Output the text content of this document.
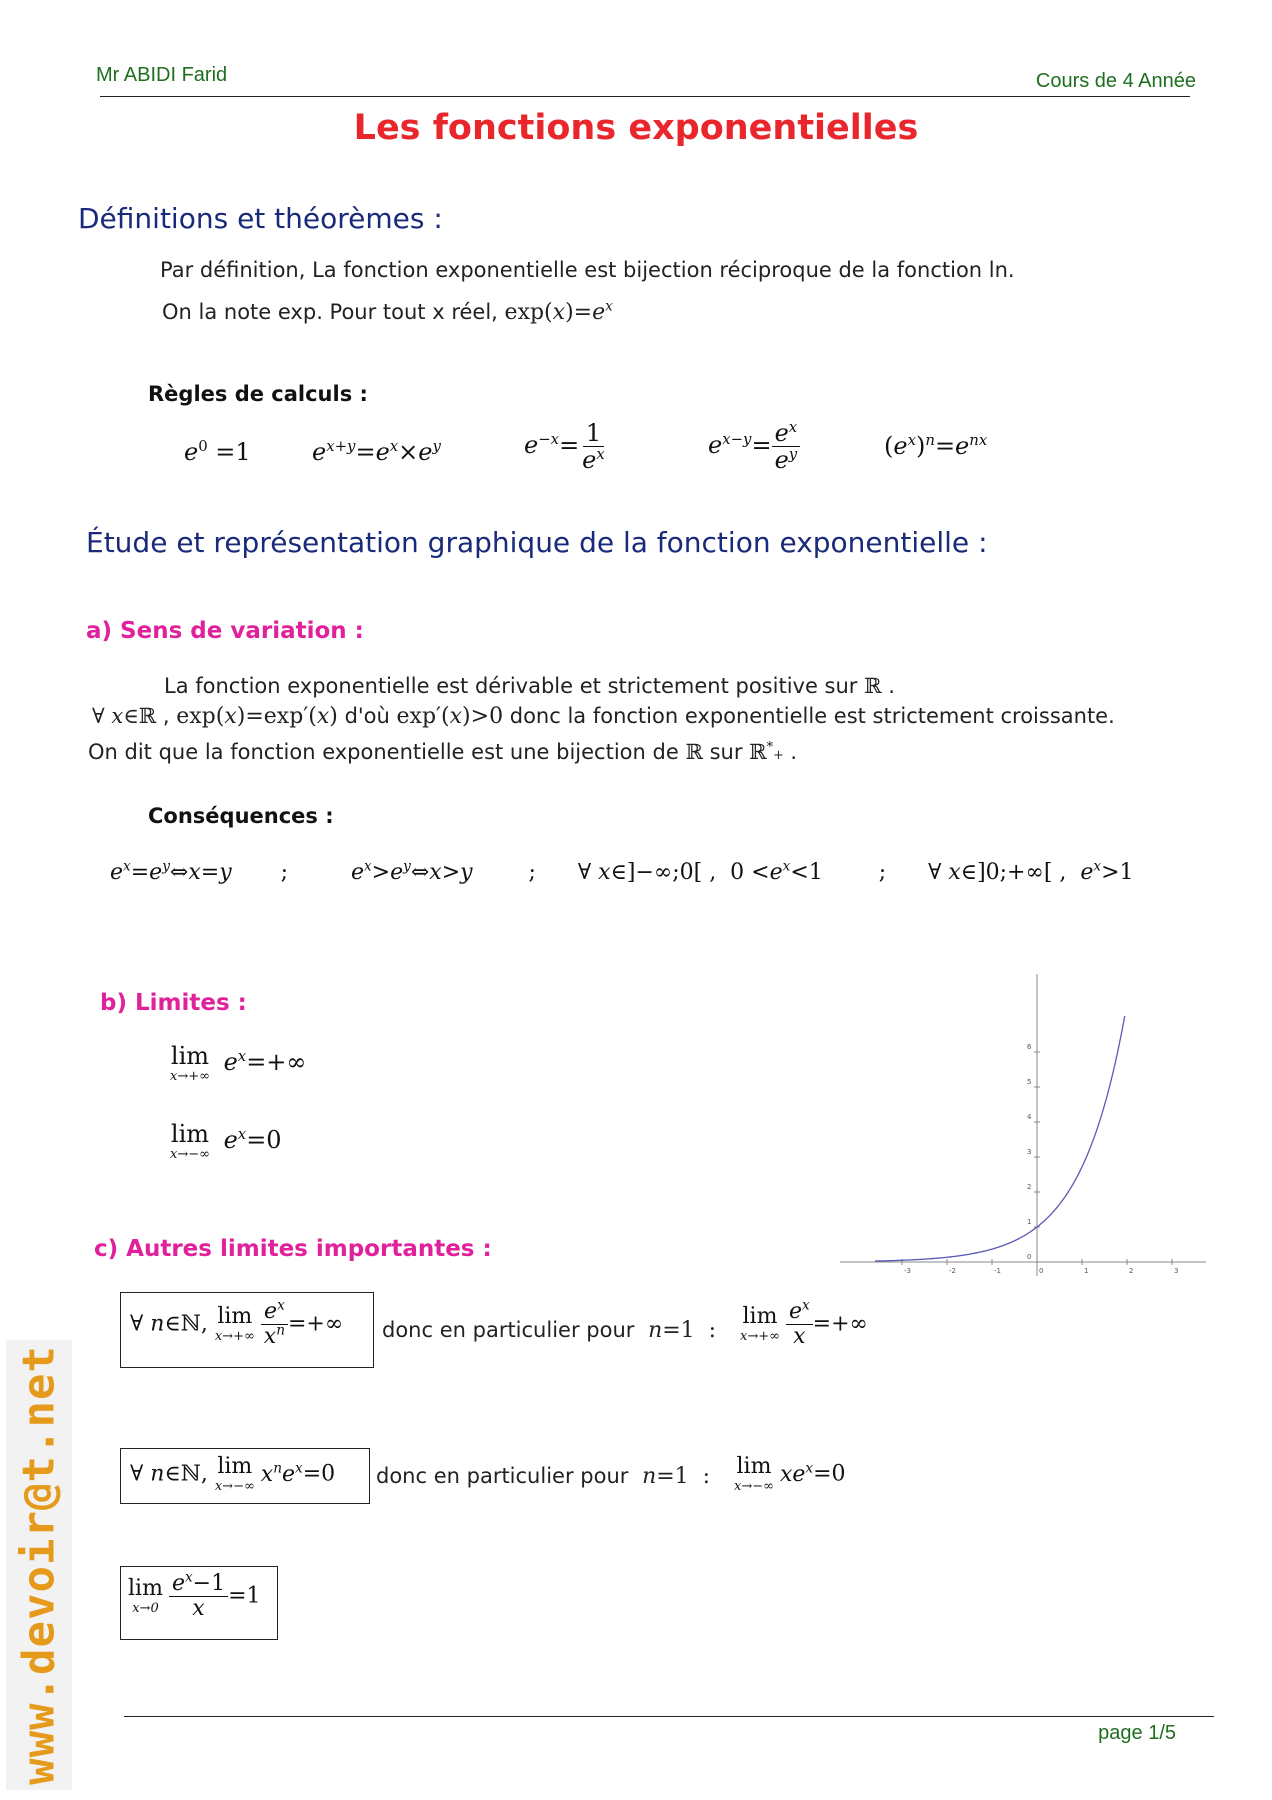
Mr ABIDI Farid	Cours de 4 Année
Les fonctions exponentielles
Définitions et théorèmes :
Par définition, La fonction exponentielle est bijection réciproque de la fonction ln.
On la note exp. Pour tout x réel, $\exp(x)=e^x$
Règles de calculs :
$e^0 =1$	$e^{x+y}=e^x\times e^y$	$e^{-x}= \frac{1}{e^x}$	$e^{x-y}= \frac{e^x}{e^y}$	$(e^x)^n=e^{nx}$
Étude et représentation graphique de la fonction exponentielle :
a) Sens de variation :
La fonction exponentielle est dérivable et strictement positive sur ℝ .
∀ x∈ℝ , exp(x)=exp′(x) d'où exp′(x)>0 donc la fonction exponentielle est strictement croissante.
On dit que la fonction exponentielle est une bijection de ℝ sur ℝ*+ .
Conséquences :
$e^x=e^y\Leftrightarrow x=y$       ;         $e^x>e^y\Leftrightarrow x>y$        ;      ∀ x∈]−∞;0[ ,  $0 <e^x<1$        ;      ∀ x∈]0;+∞[ ,  $e^x>1$
b) Limites :
lim
x→+∞
$e^x=+\infty$
lim
x→−∞
$e^x=0$
0
1
2
3
4
5
6
-3	-2	-1	0	1	2	3
c) Autres limites importantes :
∀ n∈ℕ, lim
$x\to+\infty \frac{e^x}{x^n}$ =+∞ donc en particulier pour n=1  :
lim
$x\to+\infty \frac{e^x}{x}$ =+∞
∀ n∈ℕ, lim
x→−∞ $x^ne^x=0$ donc en particulier pour n=1  : lim
x→−∞ $xe^x=0$
lim
$x\to 0 \frac{e^x-1}{x} =1$
page 1/5
www.devoir@t.net
